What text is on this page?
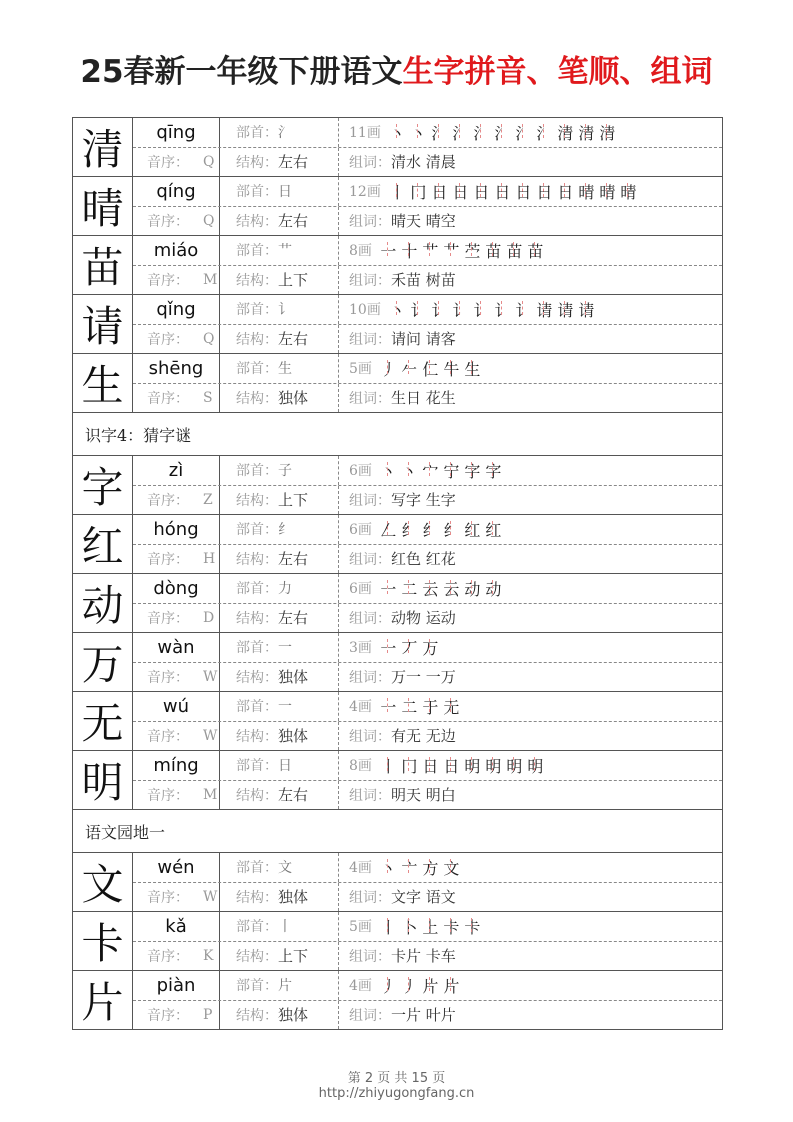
25春新一年级下册语文生字拼音、笔顺、组词
清	qīng	部首： 氵	11画 丶 丶 氵 氵 氵 氵 氵 氵 清 清 清
音序：	Q	结构： 左右	组词： 清水 清晨
晴	qíng	部首： 日	12画 丨 冂 日 日 日 日 日 日 日 晴 晴 晴
音序：	Q	结构： 左右	组词： 晴天 晴空
苗	miáo	部首： 艹	8画 一 十 艹 艹 苎 苗 苗 苗
音序：	M	结构： 上下	组词： 禾苗 树苗
请	qǐng	部首： 讠	10画 丶 讠 讠 讠 讠 讠 讠 请 请 请
音序：	Q	结构： 左右	组词： 请问 请客
生	shēng	部首： 生	5画 丿 𠂉 仁 牛 生
音序：	S	结构： 独体	组词： 生日 花生
识字4：猜字谜
字	zì	部首： 子	6画 丶 丶 宀 宁 字 字
音序：	Z	结构： 上下	组词： 写字 生字
红	hóng	部首： 纟	6画 𠃋 纟 纟 纟 红 红
音序：	H	结构： 左右	组词： 红色 红花
动	dòng	部首： 力	6画 一 二 云 云 动 动
音序：	D	结构： 左右	组词： 动物 运动
万	wàn	部首： 一	3画 一 丆 万
音序：	W	结构： 独体	组词： 万一 一万
无	wú	部首： 一	4画 一 二 于 无
音序：	W	结构： 独体	组词： 有无 无边
明	míng	部首： 日	8画 丨 冂 日 日 明 明 明 明
音序：	M	结构： 左右	组词： 明天 明白
语文园地一
文	wén	部首： 文	4画 丶 亠 方 文
音序：	W	结构： 独体	组词： 文字 语文
卡	kǎ	部首： 丨	5画 丨 卜 上 卡 卡
音序：	K	结构： 上下	组词： 卡片 卡车
片	piàn	部首： 片	4画 丿 丿 片 片
音序：	P	结构： 独体	组词： 一片 叶片
第 2 页 共 15 页
http://zhiyugongfang.cn
